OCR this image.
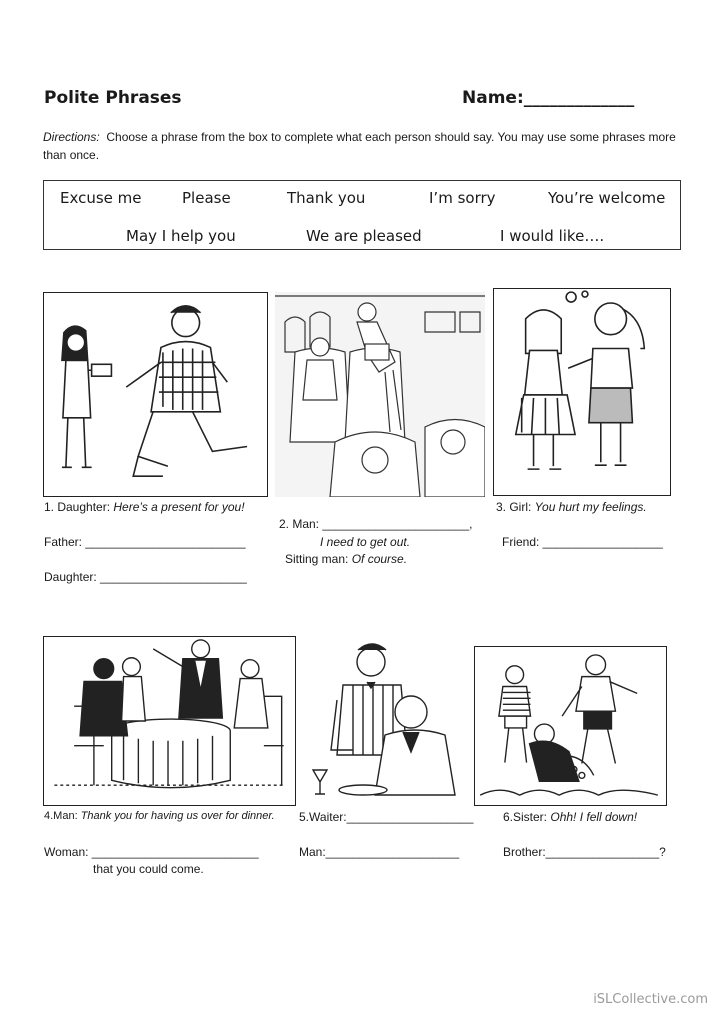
Polite Phrases	Name:_____________
Directions: Choose a phrase from the box to complete what each person should say. You may use some phrases more than once.
Excuse me	Please	Thank you	I’m sorry	You’re welcome
May I help you	We are pleased	I would like….
1. Daughter: Here’s a present for you!
Father: ________________________
Daughter: ______________________
2. Man: ______________________,
I need to get out.
Sitting man: Of course.
3. Girl: You hurt my feelings.
Friend: __________________
4.Man: Thank you for having us over for dinner.
Woman: _________________________
that you could come.
5.Waiter:___________________
Man:____________________
6.Sister: Ohh! I fell down!
Brother:_________________?
iSLCollective.com
